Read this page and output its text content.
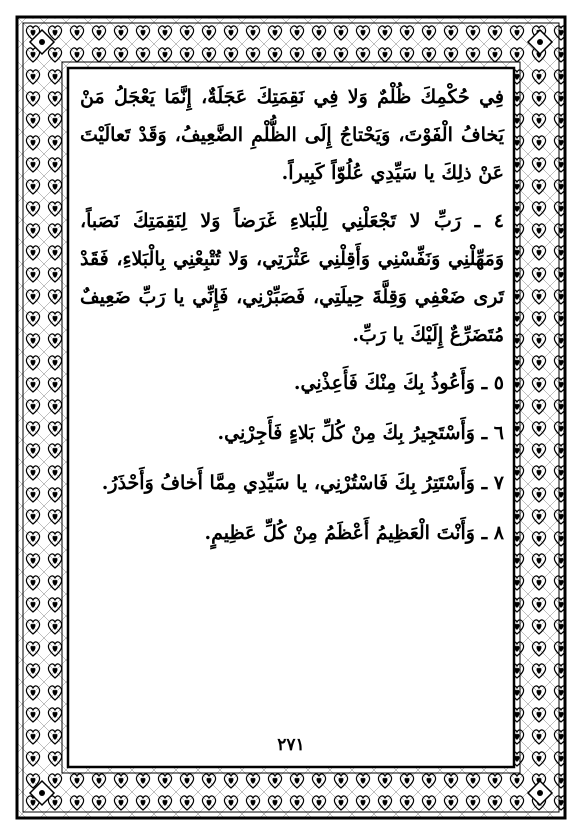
فِي حُكْمِكَ ظُلْمٌ وَلا فِي نَقِمَتِكَ عَجَلَةٌ، إِنَّمَا يَعْجَلُ مَنْ يَخافُ الْفَوْتَ، وَيَحْتاجُ إِلَى الظُّلْمِ الضَّعِيفُ، وَقَدْ تَعالَيْتَ عَنْ ذلِكَ يا سَيِّدِي عُلُوّاً كَبِيراً.

٤ ـ رَبِّ لا تَجْعَلْنِي لِلْبَلاءِ غَرَضاً وَلا لِنَقِمَتِكَ نَصَباً، وَمَهِّلْنِي وَنَفِّسْنِي وَأَقِلْنِي عَثْرَتِي، وَلا تُتْبِعْنِي بِالْبَلاءِ، فَقَدْ تَرى ضَعْفِي وَقِلَّةَ حِيلَتِي، فَصَبِّرْنِي، فَإِنِّي يا رَبِّ ضَعِيفٌ مُتَضَرِّعٌ إِلَيْكَ يا رَبِّ.

٥ ـ وَأَعُوذُ بِكَ مِنْكَ فَأَعِذْنِي.

٦ ـ وَأَسْتَجِيرُ بِكَ مِنْ كُلِّ بَلاءٍ فَأَجِرْنِي.

٧ ـ وَأَسْتَتِرُ بِكَ فَاسْتُرْنِي، يا سَيِّدِي مِمَّا أَخافُ وَأَحْذَرُ.

٨ ـ وَأَنْتَ الْعَظِيمُ أَعْظَمُ مِنْ كُلِّ عَظِيمٍ.

٢٧١
